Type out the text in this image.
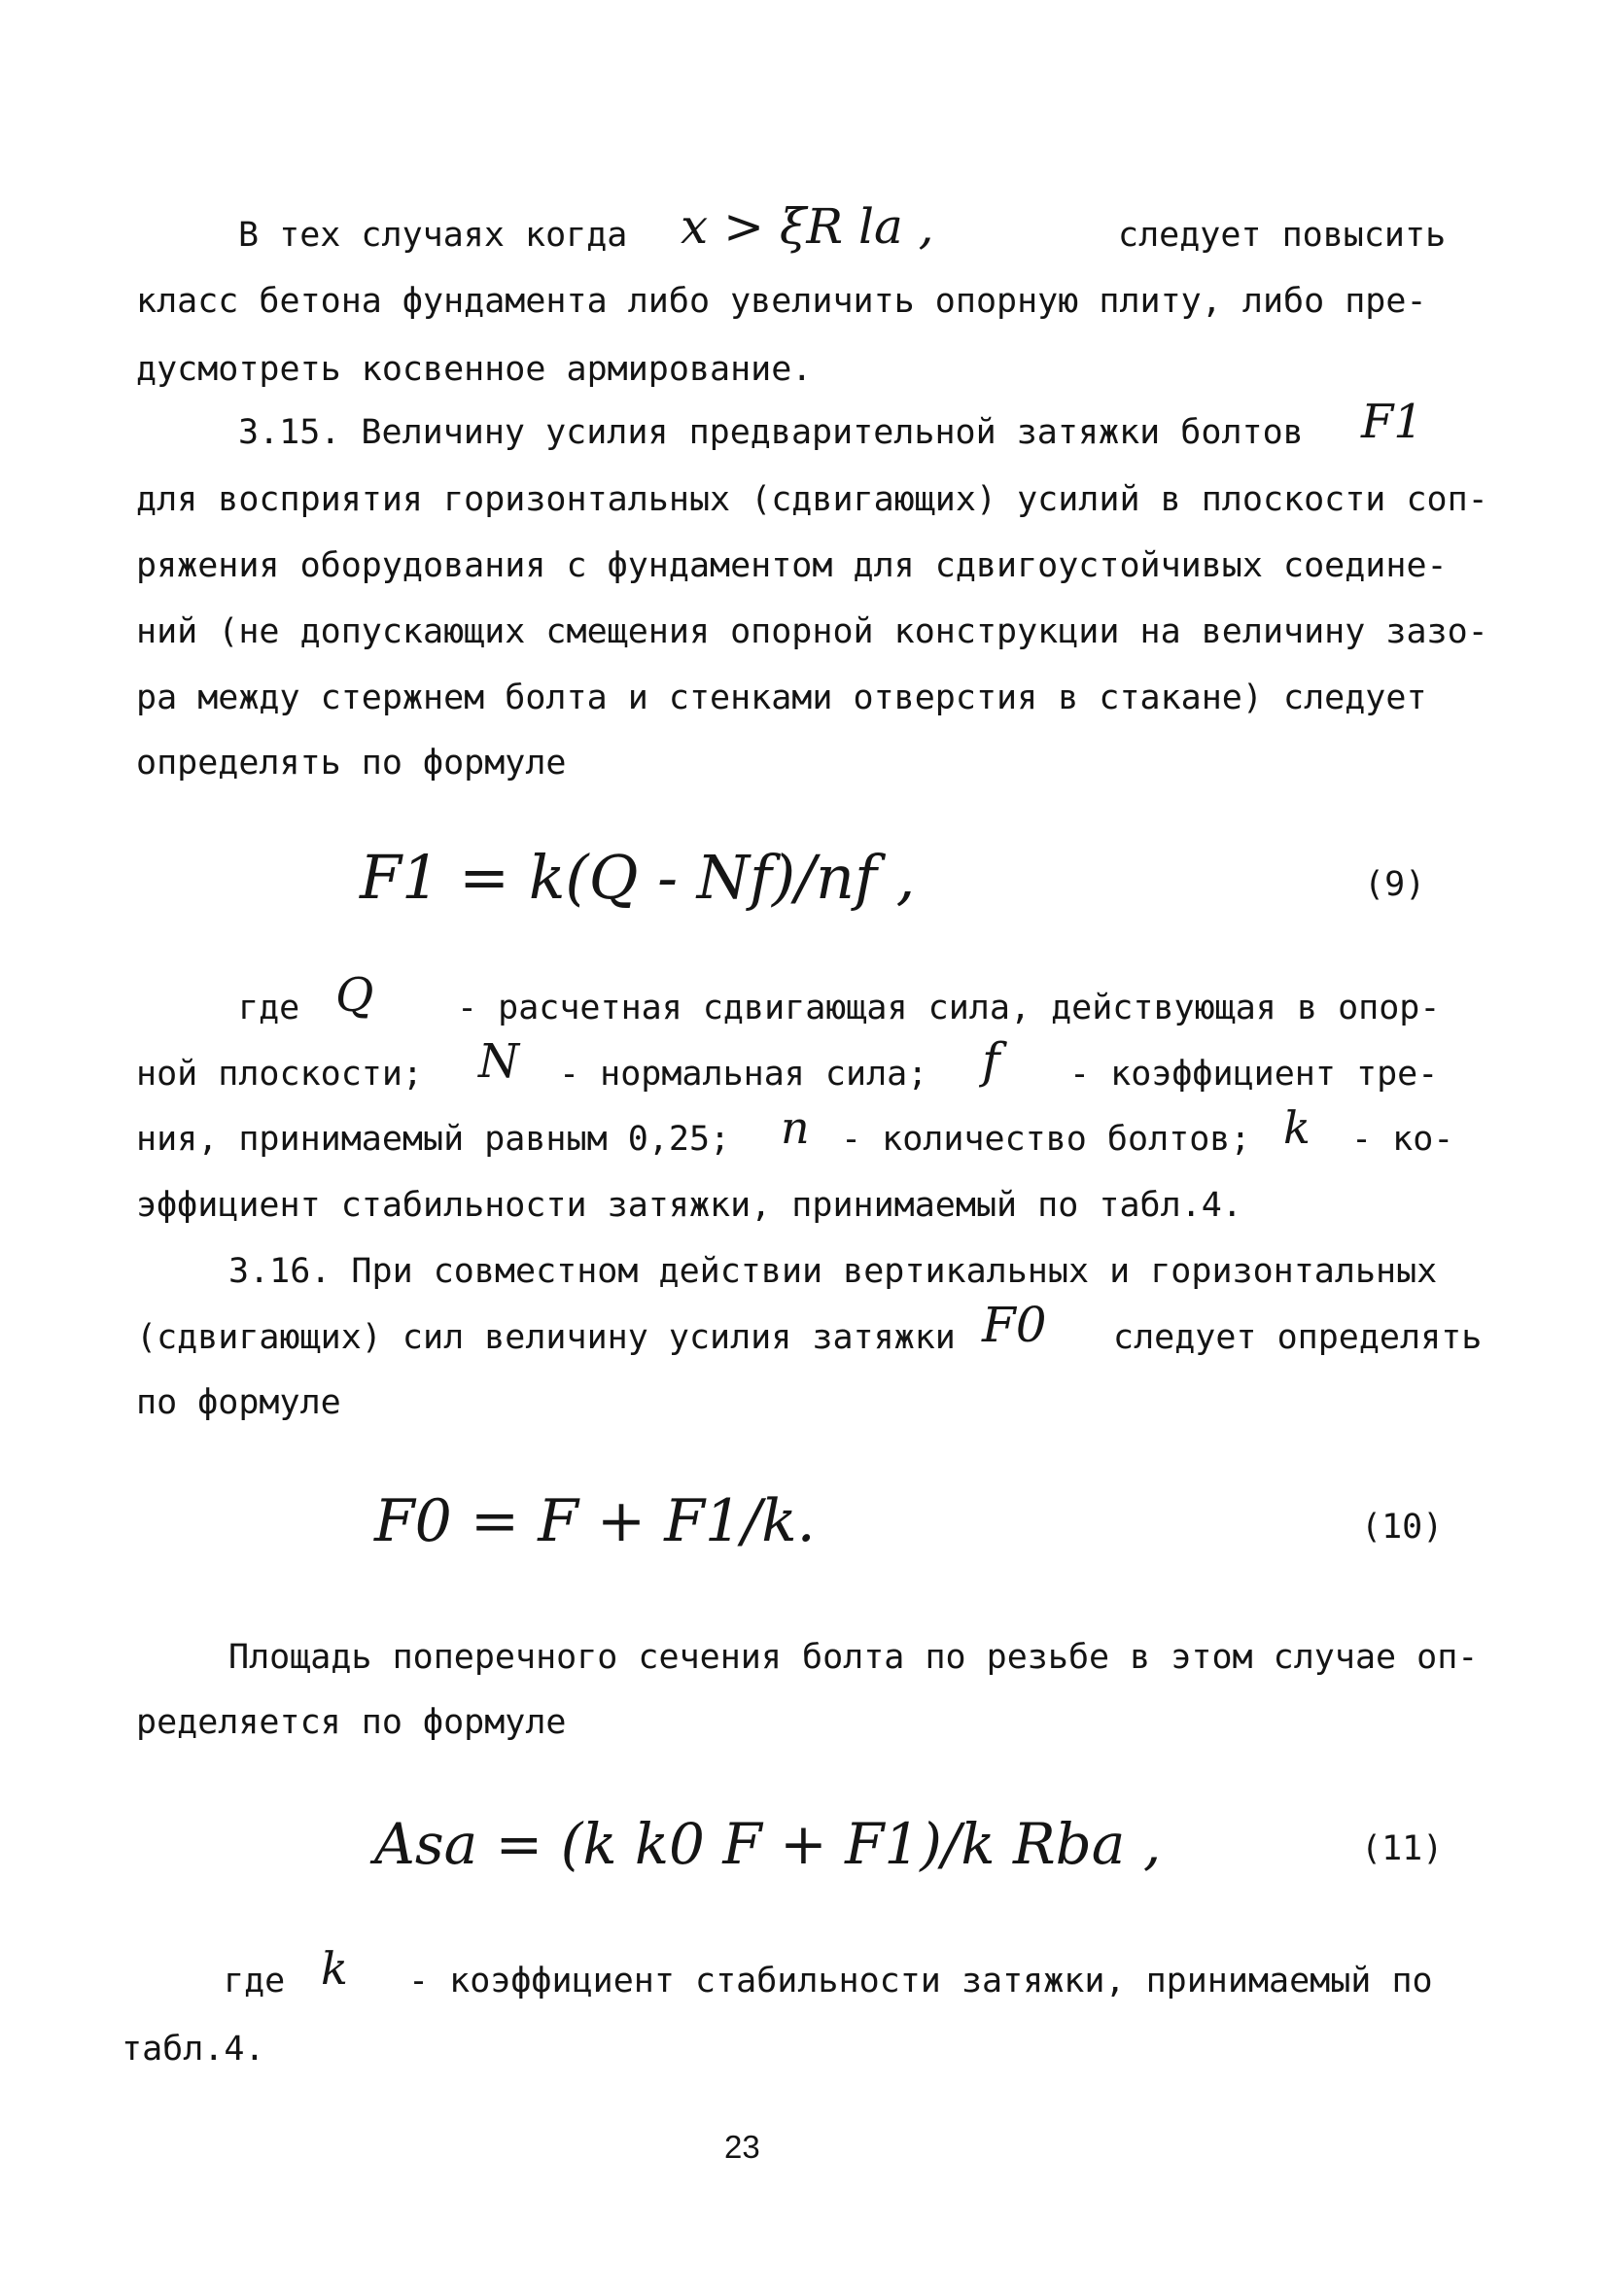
В тех случаях когда x > ξR la ,	следует повысить
класс бетона фундамента либо увеличить опорную плиту, либо пре-
дусмотреть косвенное армирование.
3.15. Величину усилия предварительной затяжки болтов F1
для восприятия горизонтальных (сдвигающих) усилий в плоскости соп-
ряжения оборудования с фундаментом для сдвигоустойчивых соедине-
ний (не допускающих смещения опорной конструкции на величину зазо-
ра между стержнем болта и стенками отверстия в стакане) следует
определять по формуле
F1 = k(Q - Nf)/nf ,	(9)
где Q - расчетная сдвигающая сила, действующая в опор-
ной плоскости; N - нормальная сила; f - коэффициент тре-
ния, принимаемый равным 0,25; n - количество болтов; k - ко-
эффициент стабильности затяжки, принимаемый по табл.4.
3.16. При совместном действии вертикальных и горизонтальных
(сдвигающих) сил величину усилия затяжки F0 следует определять
по формуле
F0 = F + F1/k.	(10)
Площадь поперечного сечения болта по резьбе в этом случае оп-
ределяется по формуле
Asa = (k k0 F + F1)/k Rba ,	(11)
где k - коэффициент стабильности затяжки, принимаемый по
табл.4.
23
